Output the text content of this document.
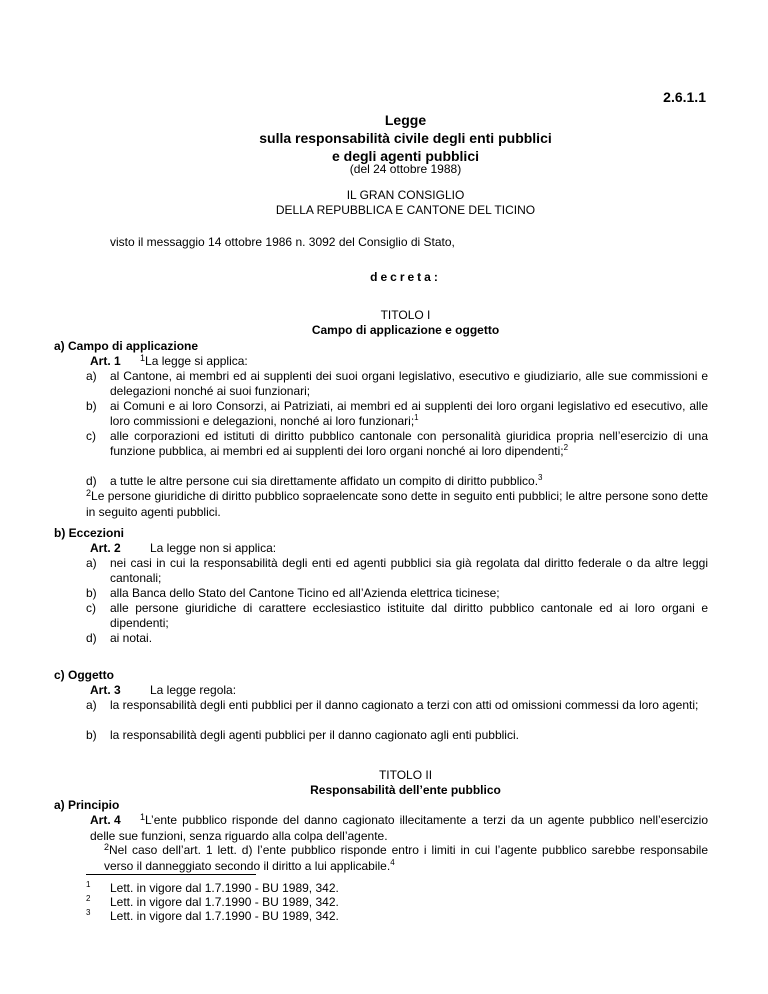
2.6.1.1
Legge
sulla responsabilità civile degli enti pubblici
e degli agenti pubblici
(del 24 ottobre 1988)
IL GRAN CONSIGLIO
DELLA REPUBBLICA E CANTONE DEL TICINO
visto il messaggio 14 ottobre 1986 n. 3092 del Consiglio di Stato,
decreta:
TITOLO I
Campo di applicazione e oggetto
a) Campo di applicazione
Art. 1 $^1$La legge si applica:
a) al Cantone, ai membri ed ai supplenti dei suoi organi legislativo, esecutivo e giudiziario, alle sue commissioni e delegazioni nonché ai suoi funzionari;
b) ai Comuni e ai loro Consorzi, ai Patriziati, ai membri ed ai supplenti dei loro organi legislativo ed esecutivo, alle loro commissioni e delegazioni, nonché ai loro funzionari;$^1$
c) alle corporazioni ed istituti di diritto pubblico cantonale con personalità giuridica propria nell’esercizio di una funzione pubblica, ai membri ed ai supplenti dei loro organi nonché ai loro dipendenti;$^2$
d) a tutte le altre persone cui sia direttamente affidato un compito di diritto pubblico.$^3$
$^2$Le persone giuridiche di diritto pubblico sopraelencate sono dette in seguito enti pubblici; le altre persone sono dette in seguito agenti pubblici.
b) Eccezioni
Art. 2 La legge non si applica:
a) nei casi in cui la responsabilità degli enti ed agenti pubblici sia già regolata dal diritto federale o da altre leggi cantonali;
b) alla Banca dello Stato del Cantone Ticino ed all’Azienda elettrica ticinese;
c) alle persone giuridiche di carattere ecclesiastico istituite dal diritto pubblico cantonale ed ai loro organi e dipendenti;
d) ai notai.
c) Oggetto
Art. 3 La legge regola:
a) la responsabilità degli enti pubblici per il danno cagionato a terzi con atti od omissioni commessi da loro agenti;
b) la responsabilità degli agenti pubblici per il danno cagionato agli enti pubblici.
TITOLO II
Responsabilità dell’ente pubblico
a) Principio
Art. 4 $^1$L’ente pubblico risponde del danno cagionato illecitamente a terzi da un agente pubblico nell’esercizio delle sue funzioni, senza riguardo alla colpa dell’agente.
$^2$Nel caso dell’art. 1 lett. d) l’ente pubblico risponde entro i limiti in cui l’agente pubblico sarebbe responsabile verso il danneggiato secondo il diritto a lui applicabile.$^4$
1 Lett. in vigore dal 1.7.1990 - BU 1989, 342.
2 Lett. in vigore dal 1.7.1990 - BU 1989, 342.
3 Lett. in vigore dal 1.7.1990 - BU 1989, 342.
